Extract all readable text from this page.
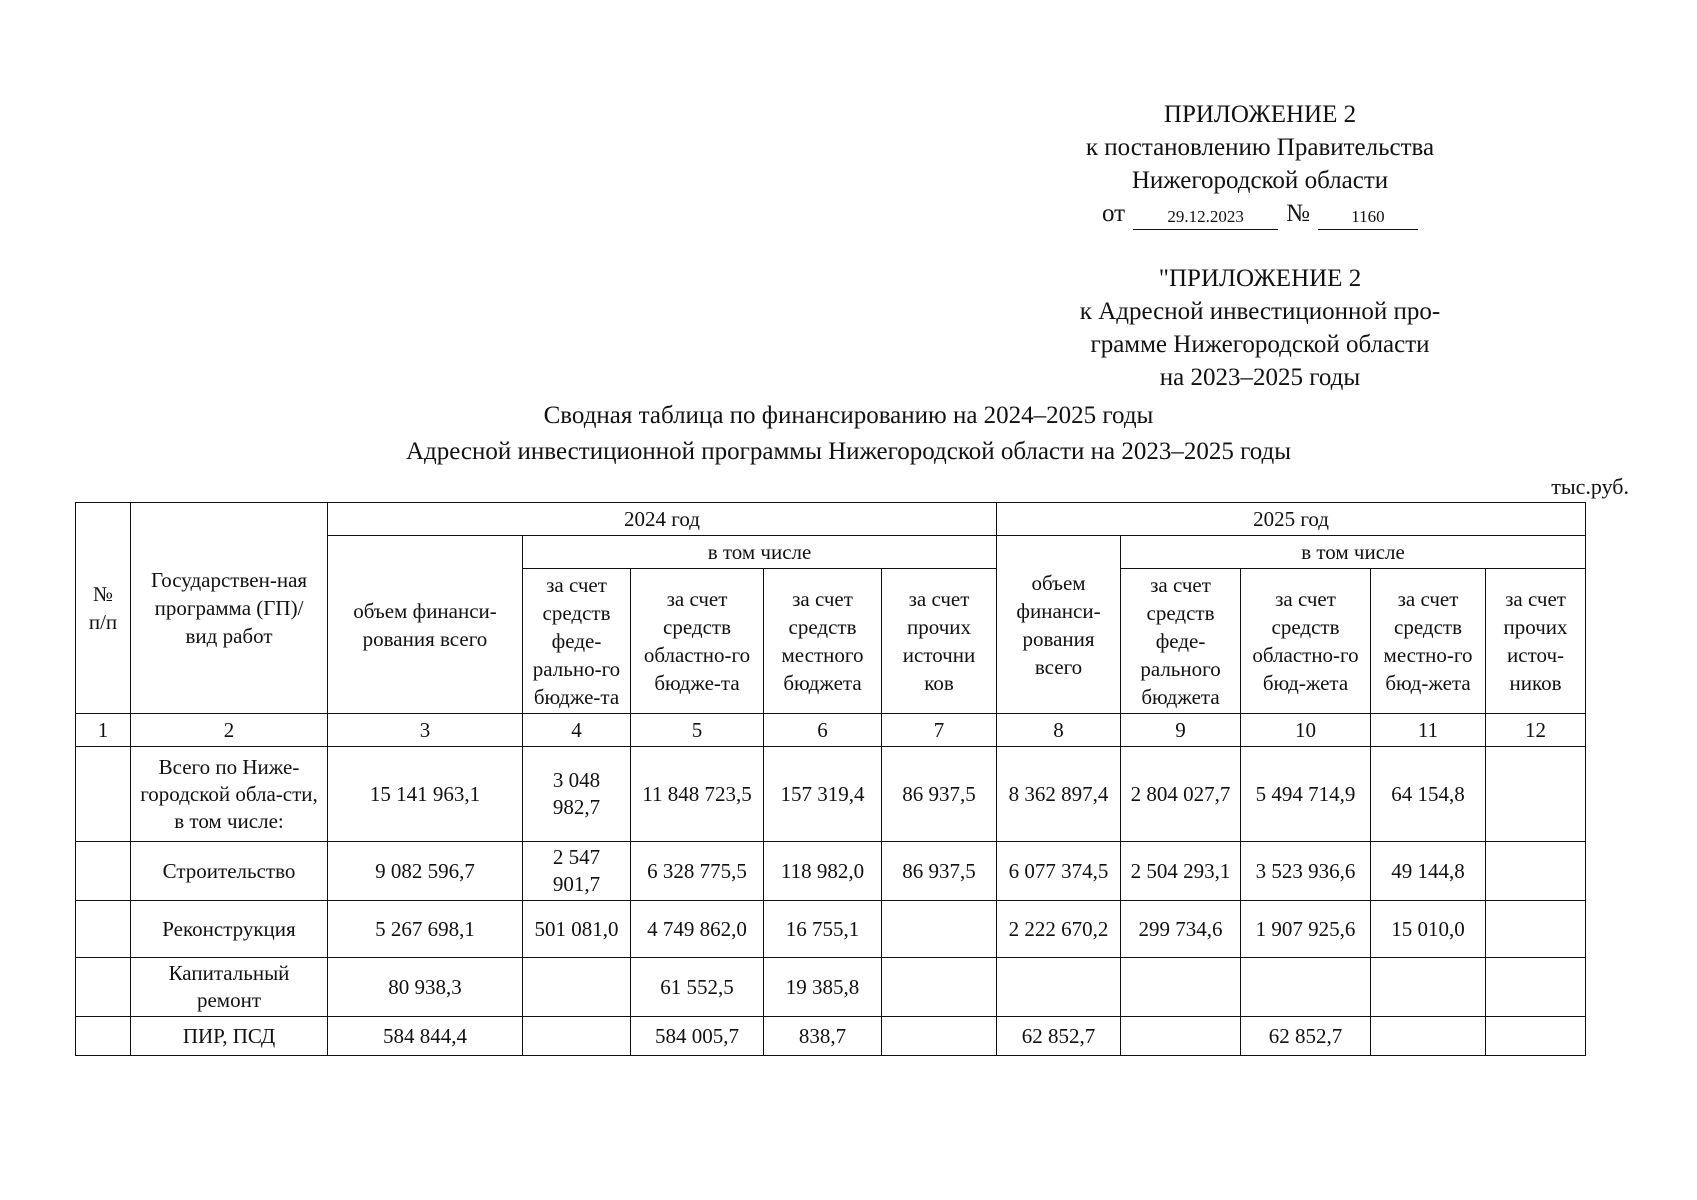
ПРИЛОЖЕНИЕ 2
к постановлению Правительства
Нижегородской области
от	29.12.2023	№	1160
"ПРИЛОЖЕНИЕ 2
к Адресной инвестиционной про-
грамме Нижегородской области
на 2023–2025 годы
Сводная таблица по финансированию на 2024–2025 годы
Адресной инвестиционной программы Нижегородской области на 2023–2025 годы
тыс.руб.
№ п/п	Государствен-ная программа (ГП)/ вид работ	2024 год					2025 год				
		объем финанси-рования всего	в том числе				объем финанси-рования всего	в том числе			
			за счет средств феде-рально-го бюдже-та	за счет средств областно-го бюдже-та	за счет средств местного бюджета	за счет прочих источни ков		за счет средств феде-рального бюджета	за счет средств областно-го бюд-жета	за счет средств местно-го бюд-жета	за счет прочих источ-ников
1	2	3	4	5	6	7	8	9	10	11	12
	Всего по Ниже-городской обла-сти, в том числе:	15 141 963,1	3 048 982,7	11 848 723,5	157 319,4	86 937,5	8 362 897,4	2 804 027,7	5 494 714,9	64 154,8	
	Строительство	9 082 596,7	2 547 901,7	6 328 775,5	118 982,0	86 937,5	6 077 374,5	2 504 293,1	3 523 936,6	49 144,8	
	Реконструкция	5 267 698,1	501 081,0	4 749 862,0	16 755,1		2 222 670,2	299 734,6	1 907 925,6	15 010,0	
	Капитальный ремонт	80 938,3		61 552,5	19 385,8						
	ПИР, ПСД	584 844,4		584 005,7	838,7		62 852,7		62 852,7		
